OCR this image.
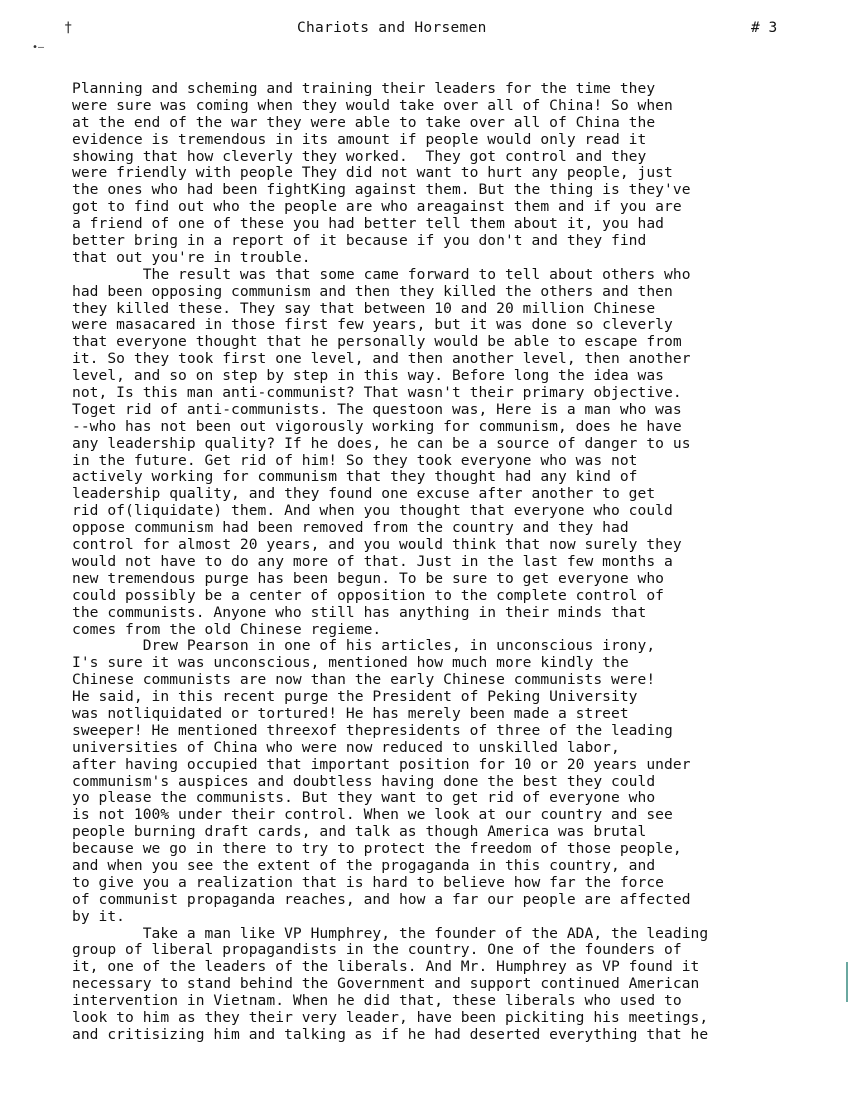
†
•–
Chariots and Horsemen	# 3
Planning and scheming and training their leaders for the time they
were sure was coming when they would take over all of China! So when
at the end of the war they were able to take over all of China the
evidence is tremendous in its amount if people would only read it
showing that how cleverly they worked.  They got control and they
were friendly with people They did not want to hurt any people, just
the ones who had been fightKing against them. But the thing is they've
got to find out who the people are who areagainst them and if you are
a friend of one of these you had better tell them about it, you had
better bring in a report of it because if you don't and they find
that out you're in trouble.
The result was that some came forward to tell about others who
had been opposing communism and then they killed the others and then
they killed these. They say that between 10 and 20 million Chinese
were masacared in those first few years, but it was done so cleverly
that everyone thought that he personally would be able to escape from
it. So they took first one level, and then another level, then another
level, and so on step by step in this way. Before long the idea was
not, Is this man anti-communist? That wasn't their primary objective.
Toget rid of anti-communists. The questoon was, Here is a man who was
--who has not been out vigorously working for communism, does he have
any leadership quality? If he does, he can be a source of danger to us
in the future. Get rid of him! So they took everyone who was not
actively working for communism that they thought had any kind of
leadership quality, and they found one excuse after another to get
rid of(liquidate) them. And when you thought that everyone who could
oppose communism had been removed from the country and they had
control for almost 20 years, and you would think that now surely they
would not have to do any more of that. Just in the last few months a
new tremendous purge has been begun. To be sure to get everyone who
could possibly be a center of opposition to the complete control of
the communists. Anyone who still has anything in their minds that
comes from the old Chinese regieme.
Drew Pearson in one of his articles, in unconscious irony,
I's sure it was unconscious, mentioned how much more kindly the
Chinese communists are now than the early Chinese communists were!
He said, in this recent purge the President of Peking University
was notliquidated or tortured! He has merely been made a street
sweeper! He mentioned threexof thepresidents of three of the leading
universities of China who were now reduced to unskilled labor,
after having occupied that important position for 10 or 20 years under
communism's auspices and doubtless having done the best they could
yo please the communists. But they want to get rid of everyone who
is not 100% under their control. When we look at our country and see
people burning draft cards, and talk as though America was brutal
because we go in there to try to protect the freedom of those people,
and when you see the extent of the progaganda in this country, and
to give you a realization that is hard to believe how far the force
of communist propaganda reaches, and how a far our people are affected
by it.
Take a man like VP Humphrey, the founder of the ADA, the leading
group of liberal propagandists in the country. One of the founders of
it, one of the leaders of the liberals. And Mr. Humphrey as VP found it
necessary to stand behind the Government and support continued American
intervention in Vietnam. When he did that, these liberals who used to
look to him as they their very leader, have been pickiting his meetings,
and critisizing him and talking as if he had deserted everything that he
